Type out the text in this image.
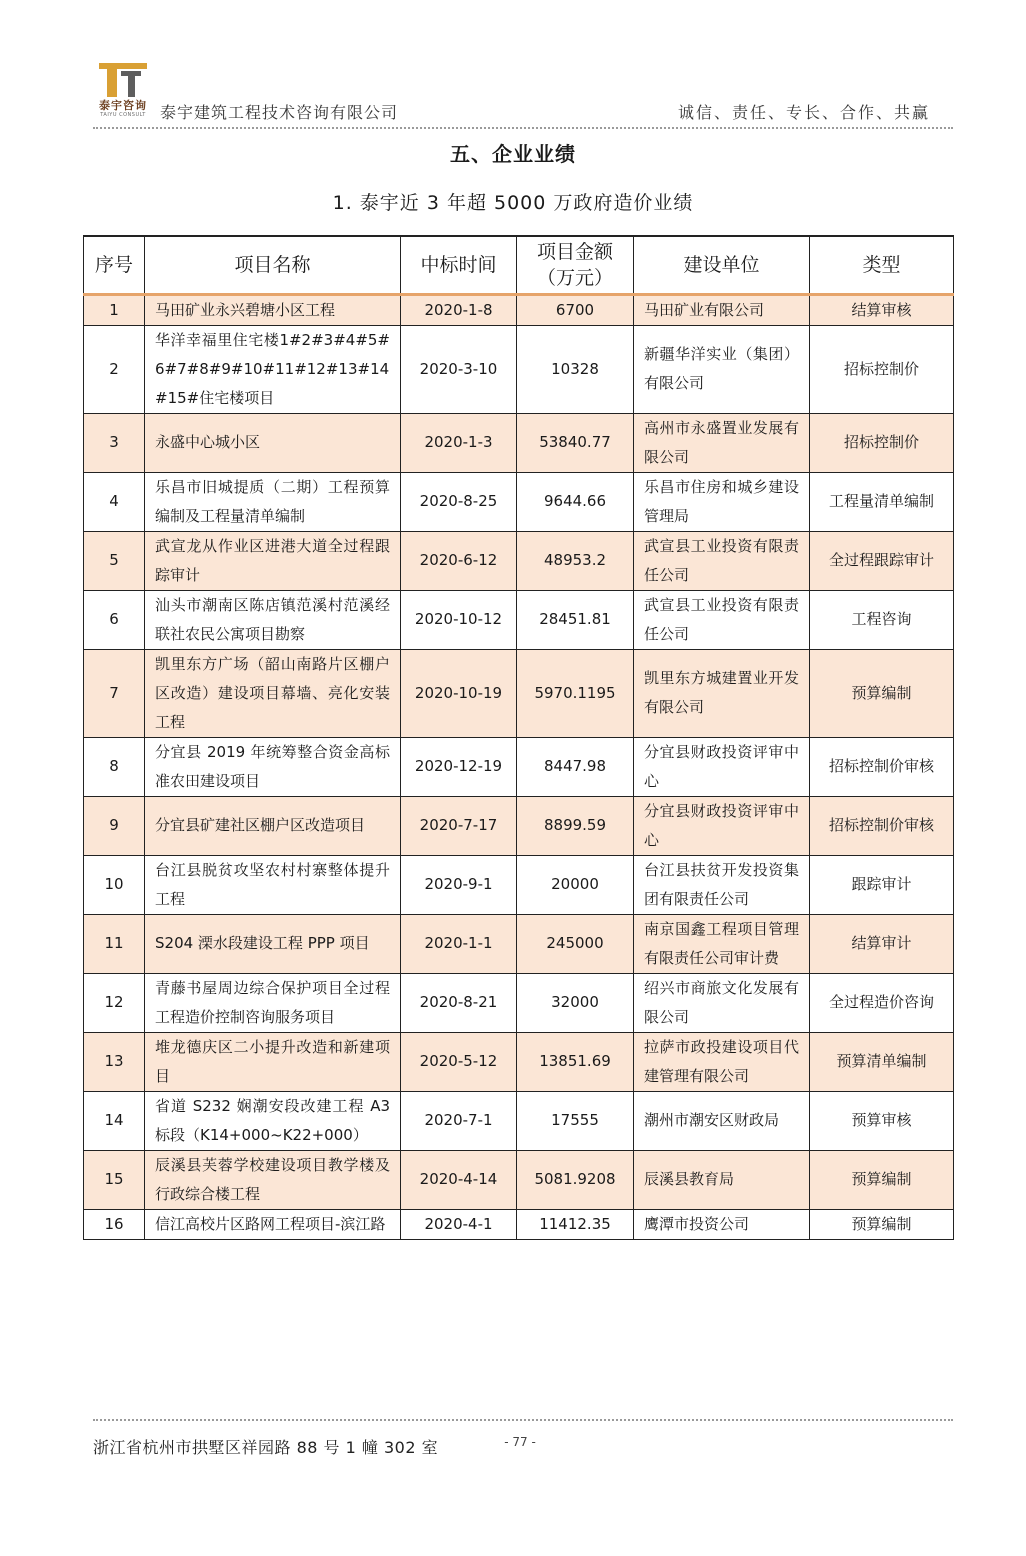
泰宇咨询
TAIYU CONSULT 泰宇建筑工程技术咨询有限公司	诚信、责任、专长、合作、共赢
五、企业业绩
1. 泰宇近 3 年超 5000 万政府造价业绩
序号	项目名称	中标时间	项目金额（万元）	建设单位	类型
1	马田矿业永兴碧塘小区工程	2020-1-8	6700	马田矿业有限公司	结算审核
2	华洋幸福里住宅楼1#2#3#4#5#6#7#8#9#10#11#12#13#14#15#住宅楼项目	2020-3-10	10328	新疆华洋实业（集团）有限公司	招标控制价
3	永盛中心城小区	2020-1-3	53840.77	高州市永盛置业发展有限公司	招标控制价
4	乐昌市旧城提质（二期）工程预算编制及工程量清单编制	2020-8-25	9644.66	乐昌市住房和城乡建设管理局	工程量清单编制
5	武宣龙从作业区进港大道全过程跟踪审计	2020-6-12	48953.2	武宣县工业投资有限责任公司	全过程跟踪审计
6	汕头市潮南区陈店镇范溪村范溪经联社农民公寓项目勘察	2020-10-12	28451.81	武宣县工业投资有限责任公司	工程咨询
7	凯里东方广场（韶山南路片区棚户区改造）建设项目幕墙、亮化安装工程	2020-10-19	5970.1195	凯里东方城建置业开发有限公司	预算编制
8	分宜县 2019 年统筹整合资金高标准农田建设项目	2020-12-19	8447.98	分宜县财政投资评审中心	招标控制价审核
9	分宜县矿建社区棚户区改造项目	2020-7-17	8899.59	分宜县财政投资评审中心	招标控制价审核
10	台江县脱贫攻坚农村村寨整体提升工程	2020-9-1	20000	台江县扶贫开发投资集团有限责任公司	跟踪审计
11	S204 溧水段建设工程 PPP 项目	2020-1-1	245000	南京国鑫工程项目管理有限责任公司审计费	结算审计
12	青藤书屋周边综合保护项目全过程工程造价控制咨询服务项目	2020-8-21	32000	绍兴市商旅文化发展有限公司	全过程造价咨询
13	堆龙德庆区二小提升改造和新建项目	2020-5-12	13851.69	拉萨市政投建设项目代建管理有限公司	预算清单编制
14	省道 S232 娴潮安段改建工程 A3 标段（K14+000~K22+000）	2020-7-1	17555	潮州市潮安区财政局	预算审核
15	辰溪县芙蓉学校建设项目教学楼及行政综合楼工程	2020-4-14	5081.9208	辰溪县教育局	预算编制
16	信江高校片区路网工程项目-滨江路	2020-4-1	11412.35	鹰潭市投资公司	预算编制
浙江省杭州市拱墅区祥园路 88 号 1 幢 302 室	- 77 -
